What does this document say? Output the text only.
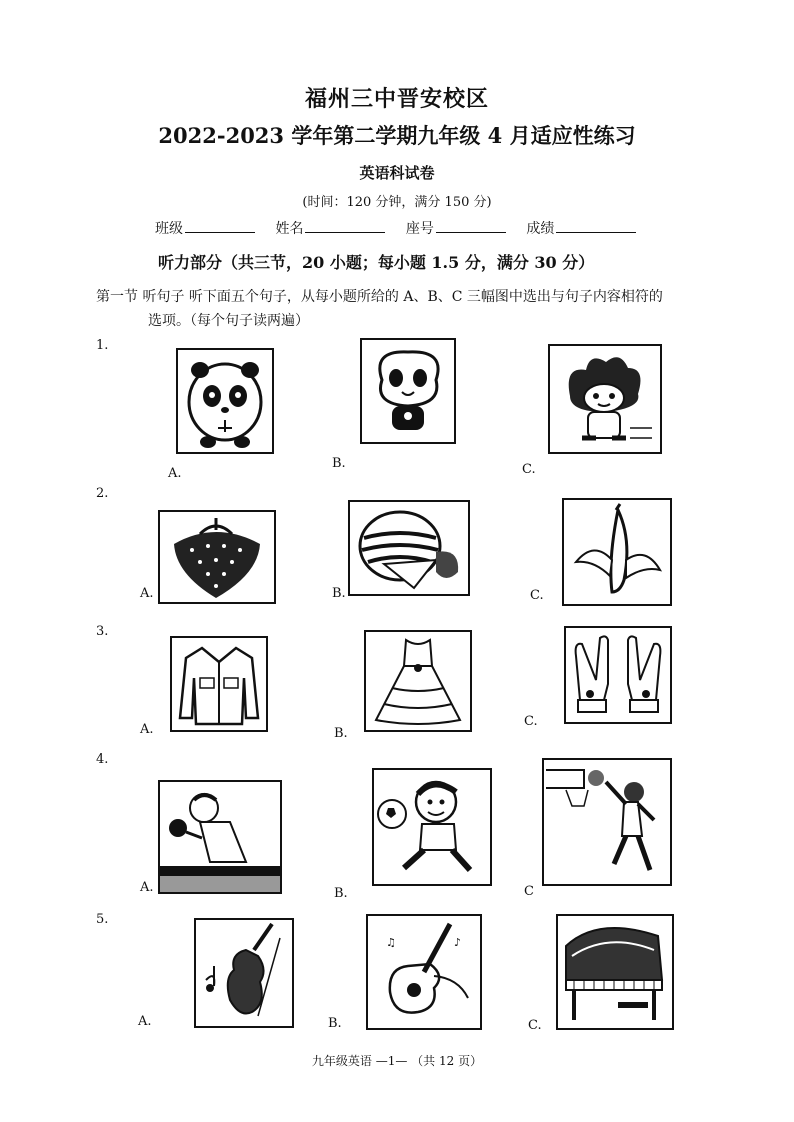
福州三中晋安校区
2022-2023 学年第二学期九年级 4 月适应性练习
英语科试卷
(时间：120 分钟，满分 150 分)
班级	姓名	座号	成绩
听力部分（共三节，20 小题；每小题 1.5 分，满分 30 分）
第一节 听句子 听下面五个句子，从每小题所给的 A、B、C 三幅图中选出与句子内容相符的
选项。（每个句子读两遍）
1.
A.
B.	C.
2.
A.	B.	C.
3.
A.	B.
C.
4.
A.	B.	C
5.
A.
♪
♫
B.	C.
九年级英语 —1— （共 12 页）
